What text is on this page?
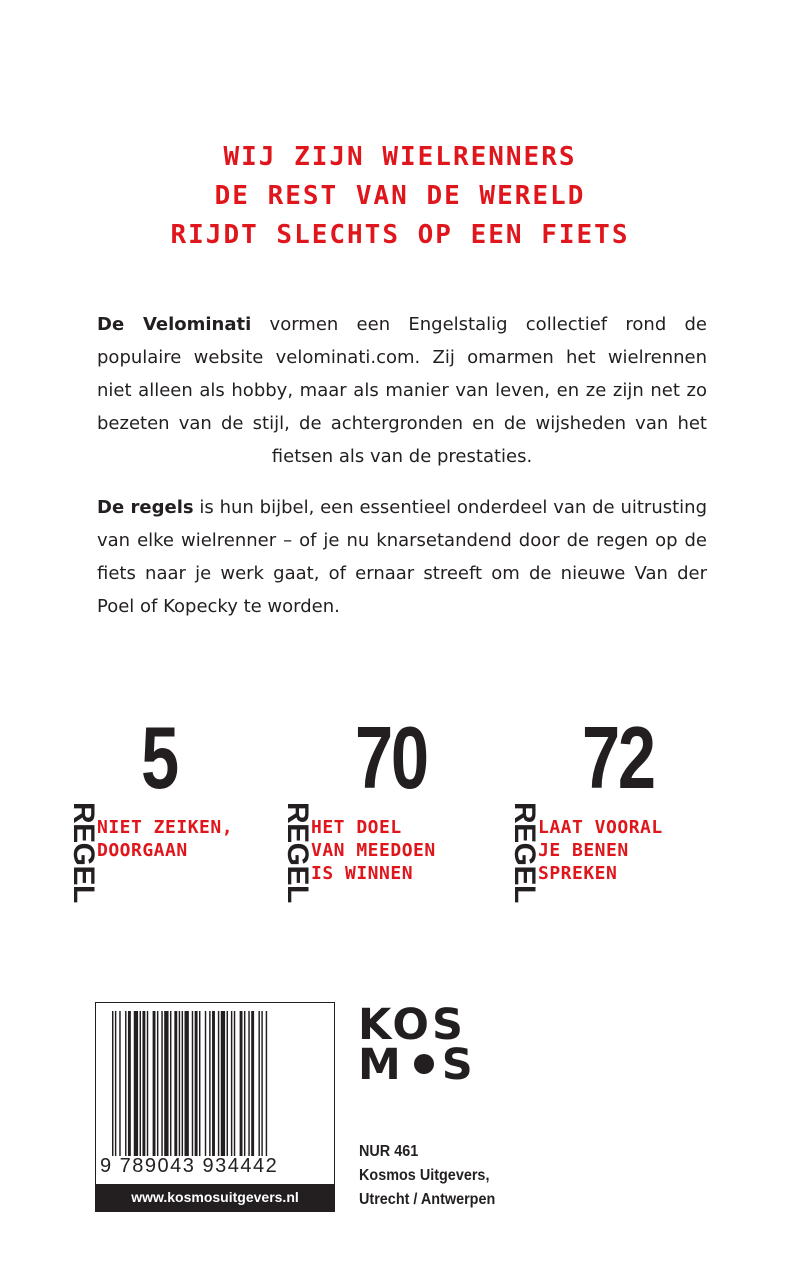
WIJ ZIJN WIELRENNERS
DE REST VAN DE WERELD
RIJDT SLECHTS OP EEN FIETS
De Velominati vormen een Engelstalig collectief rond de populaire website velominati.com. Zij omarmen het wielrennen niet alleen als hobby, maar als manier van leven, en ze zijn net zo bezeten van de stijl, de achtergronden en de wijsheden van het fietsen als van de prestaties.
De regels is hun bijbel, een essentieel onderdeel van de uitrusting van elke wielrenner – of je nu knarsetandend door de regen op de fiets naar je werk gaat, of ernaar streeft om de nieuwe Van der Poel of Kopecky te worden.
REGEL
5
NIET ZEIKEN,
DOORGAAN	REGEL
70
HET DOEL
VAN MEEDOEN
IS WINNEN	REGEL
72
LAAT VOORAL
JE BENEN
SPREKEN
9 789043 934442
www.kosmosuitgevers.nl
KOS
M S
NUR 461
Kosmos Uitgevers,
Utrecht / Antwerpen
